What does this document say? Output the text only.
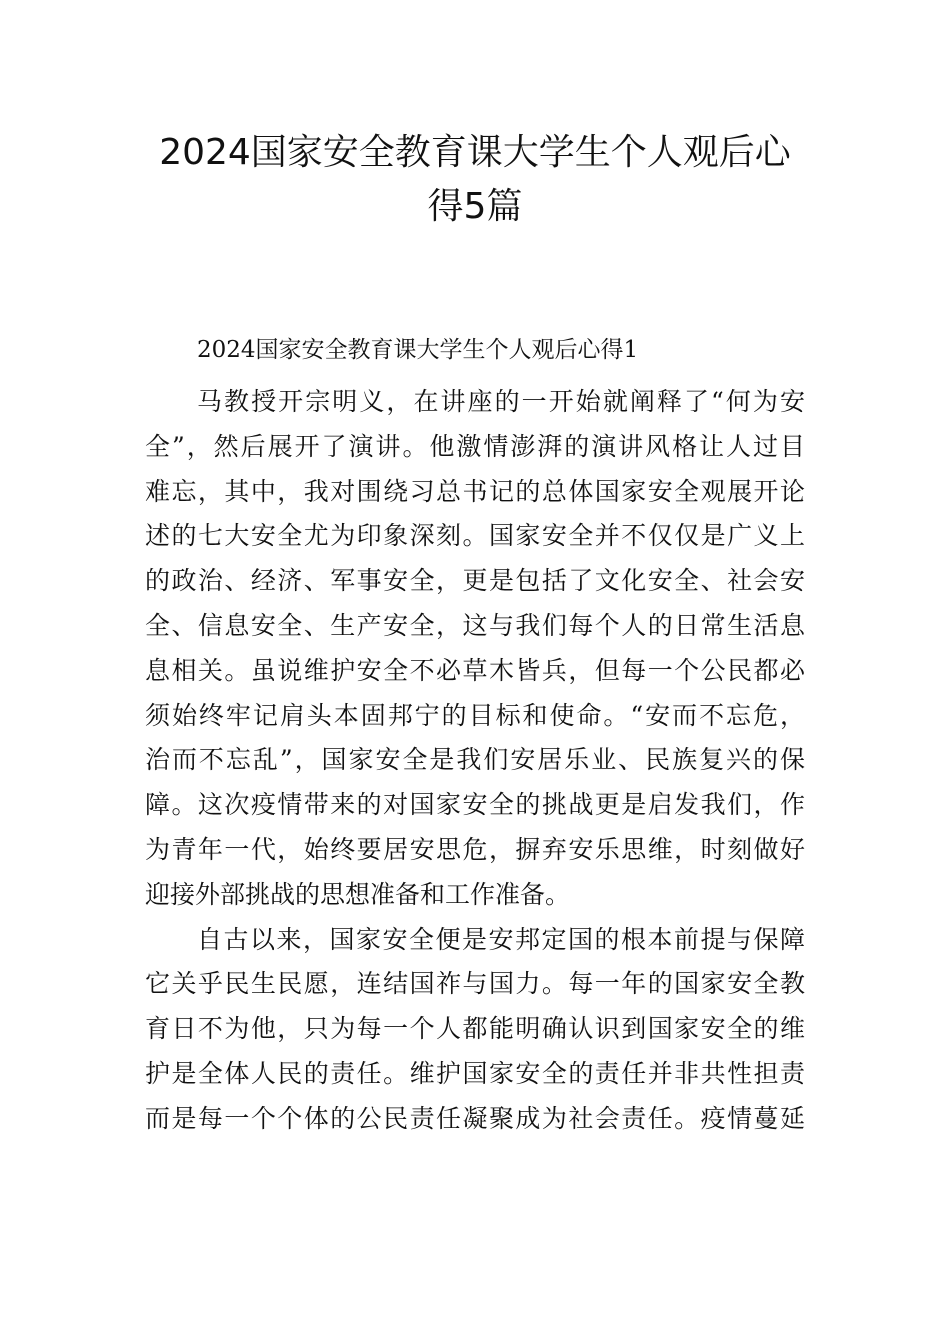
2024国家安全教育课大学生个人观后心
得5篇

2024国家安全教育课大学生个人观后心得1

马教授开宗明义，在讲座的一开始就阐释了“何为安
全”，然后展开了演讲。他激情澎湃的演讲风格让人过目
难忘，其中，我对围绕习总书记的总体国家安全观展开论
述的七大安全尤为印象深刻。国家安全并不仅仅是广义上
的政治、经济、军事安全，更是包括了文化安全、社会安
全、信息安全、生产安全，这与我们每个人的日常生活息
息相关。虽说维护安全不必草木皆兵，但每一个公民都必
须始终牢记肩头本固邦宁的目标和使命。“安而不忘危，
治而不忘乱”，国家安全是我们安居乐业、民族复兴的保
障。这次疫情带来的对国家安全的挑战更是启发我们，作
为青年一代，始终要居安思危，摒弃安乐思维，时刻做好
迎接外部挑战的思想准备和工作准备。

自古以来，国家安全便是安邦定国的根本前提与保障
它关乎民生民愿，连结国祚与国力。每一年的国家安全教
育日不为他，只为每一个人都能明确认识到国家安全的维
护是全体人民的责任。维护国家安全的责任并非共性担责
而是每一个个体的公民责任凝聚成为社会责任。疫情蔓延
